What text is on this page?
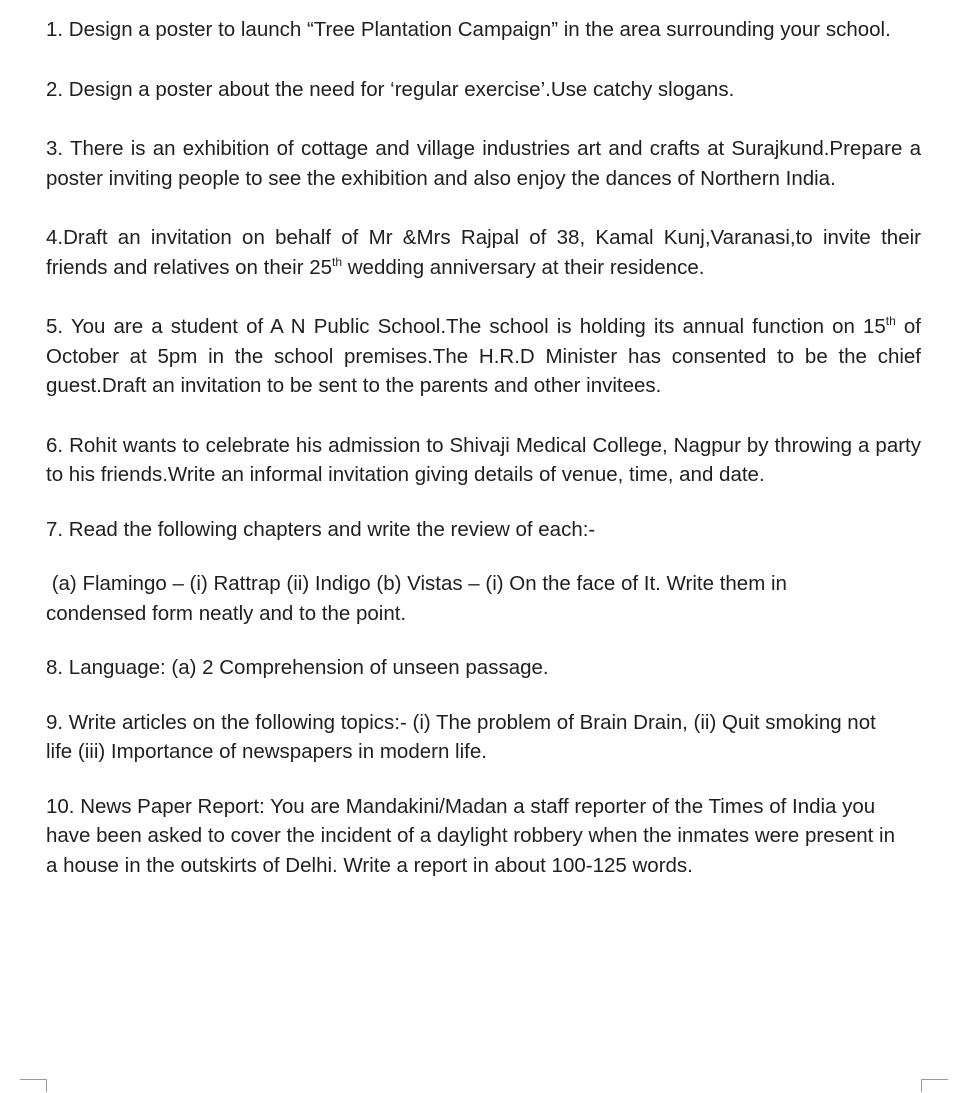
1. Design a poster to launch “Tree Plantation Campaign” in the area surrounding your school.

2. Design a poster about the need for ‘regular exercise’.Use catchy slogans.

3. There is an exhibition of cottage and village industries art and crafts at Surajkund.Prepare a poster inviting people to see the exhibition and also enjoy the dances of Northern India.

4.Draft an invitation on behalf of Mr &Mrs Rajpal of 38, Kamal Kunj,Varanasi,to invite their friends and relatives on their 25th wedding anniversary at their residence.

5. You are a student of A N Public School.The school is holding its annual function on 15th of October at 5pm in the school premises.The H.R.D Minister has consented to be the chief guest.Draft an invitation to be sent to the parents and other invitees.

6. Rohit wants to celebrate his admission to Shivaji Medical College, Nagpur by throwing a party to his friends.Write an informal invitation giving details of venue, time, and date.

7. Read the following chapters and write the review of each:-

(a) Flamingo – (i) Rattrap (ii) Indigo (b) Vistas – (i) On the face of It. Write them in condensed form neatly and to the point.

8. Language: (a) 2 Comprehension of unseen passage.

9. Write articles on the following topics:- (i) The problem of Brain Drain, (ii) Quit smoking not life (iii) Importance of newspapers in modern life.

10. News Paper Report: You are Mandakini/Madan a staff reporter of the Times of India you have been asked to cover the incident of a daylight robbery when the inmates were present in a house in the outskirts of Delhi. Write a report in about 100-125 words.
